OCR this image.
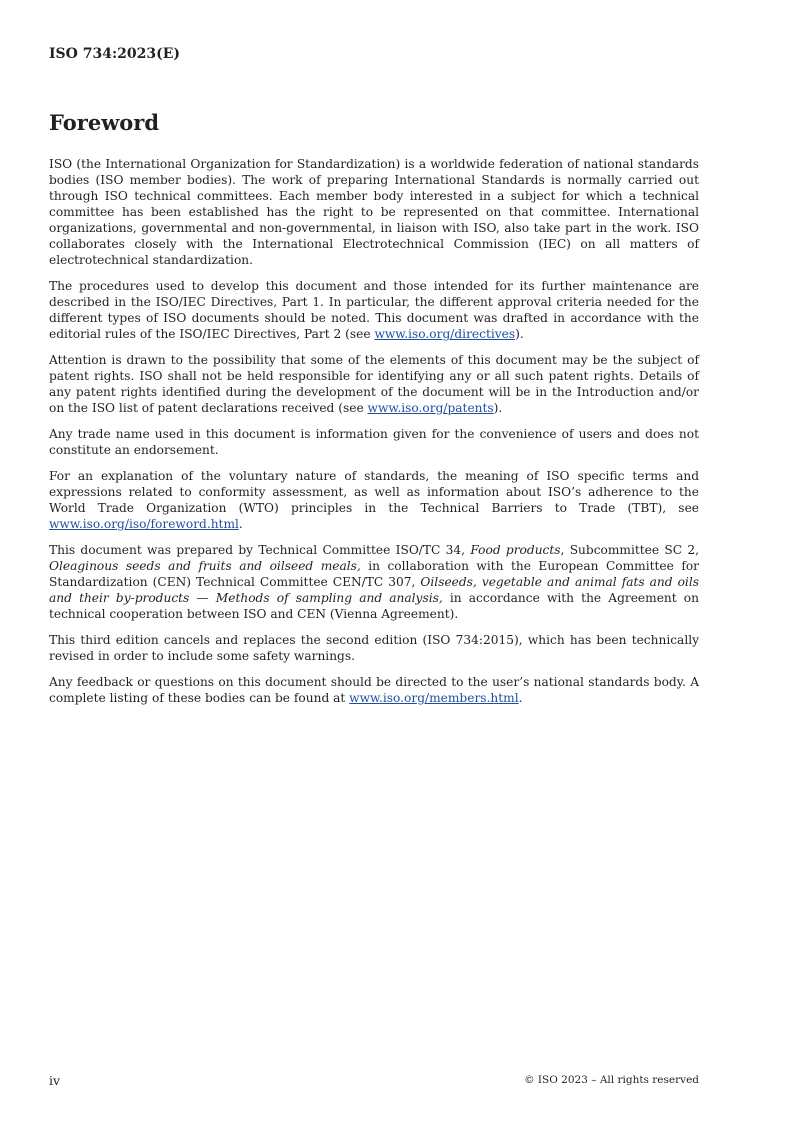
ISO 734:2023(E)
Foreword

ISO (the International Organization for Standardization) is a worldwide federation of national standards bodies (ISO member bodies). The work of preparing International Standards is normally carried out through ISO technical committees. Each member body interested in a subject for which a technical committee has been established has the right to be represented on that committee. International organizations, governmental and non-governmental, in liaison with ISO, also take part in the work. ISO collaborates closely with the International Electrotechnical Commission (IEC) on all matters of electrotechnical standardization.

The procedures used to develop this document and those intended for its further maintenance are described in the ISO/IEC Directives, Part 1. In particular, the different approval criteria needed for the different types of ISO documents should be noted. This document was drafted in accordance with the editorial rules of the ISO/IEC Directives, Part 2 (see www.iso.org/directives).

Attention is drawn to the possibility that some of the elements of this document may be the subject of patent rights. ISO shall not be held responsible for identifying any or all such patent rights. Details of any patent rights identified during the development of the document will be in the Introduction and/or on the ISO list of patent declarations received (see www.iso.org/patents).

Any trade name used in this document is information given for the convenience of users and does not constitute an endorsement.

For an explanation of the voluntary nature of standards, the meaning of ISO specific terms and expressions related to conformity assessment, as well as information about ISO’s adherence to the World Trade Organization (WTO) principles in the Technical Barriers to Trade (TBT), see www.iso.org/iso/foreword.html.

This document was prepared by Technical Committee ISO/TC 34, Food products, Subcommittee SC 2, Oleaginous seeds and fruits and oilseed meals, in collaboration with the European Committee for Standardization (CEN) Technical Committee CEN/TC 307, Oilseeds, vegetable and animal fats and oils and their by-products — Methods of sampling and analysis, in accordance with the Agreement on technical cooperation between ISO and CEN (Vienna Agreement).

This third edition cancels and replaces the second edition (ISO 734:2015), which has been technically revised in order to include some safety warnings.

Any feedback or questions on this document should be directed to the user’s national standards body. A complete listing of these bodies can be found at www.iso.org/members.html.

iv	© ISO 2023 – All rights reserved
